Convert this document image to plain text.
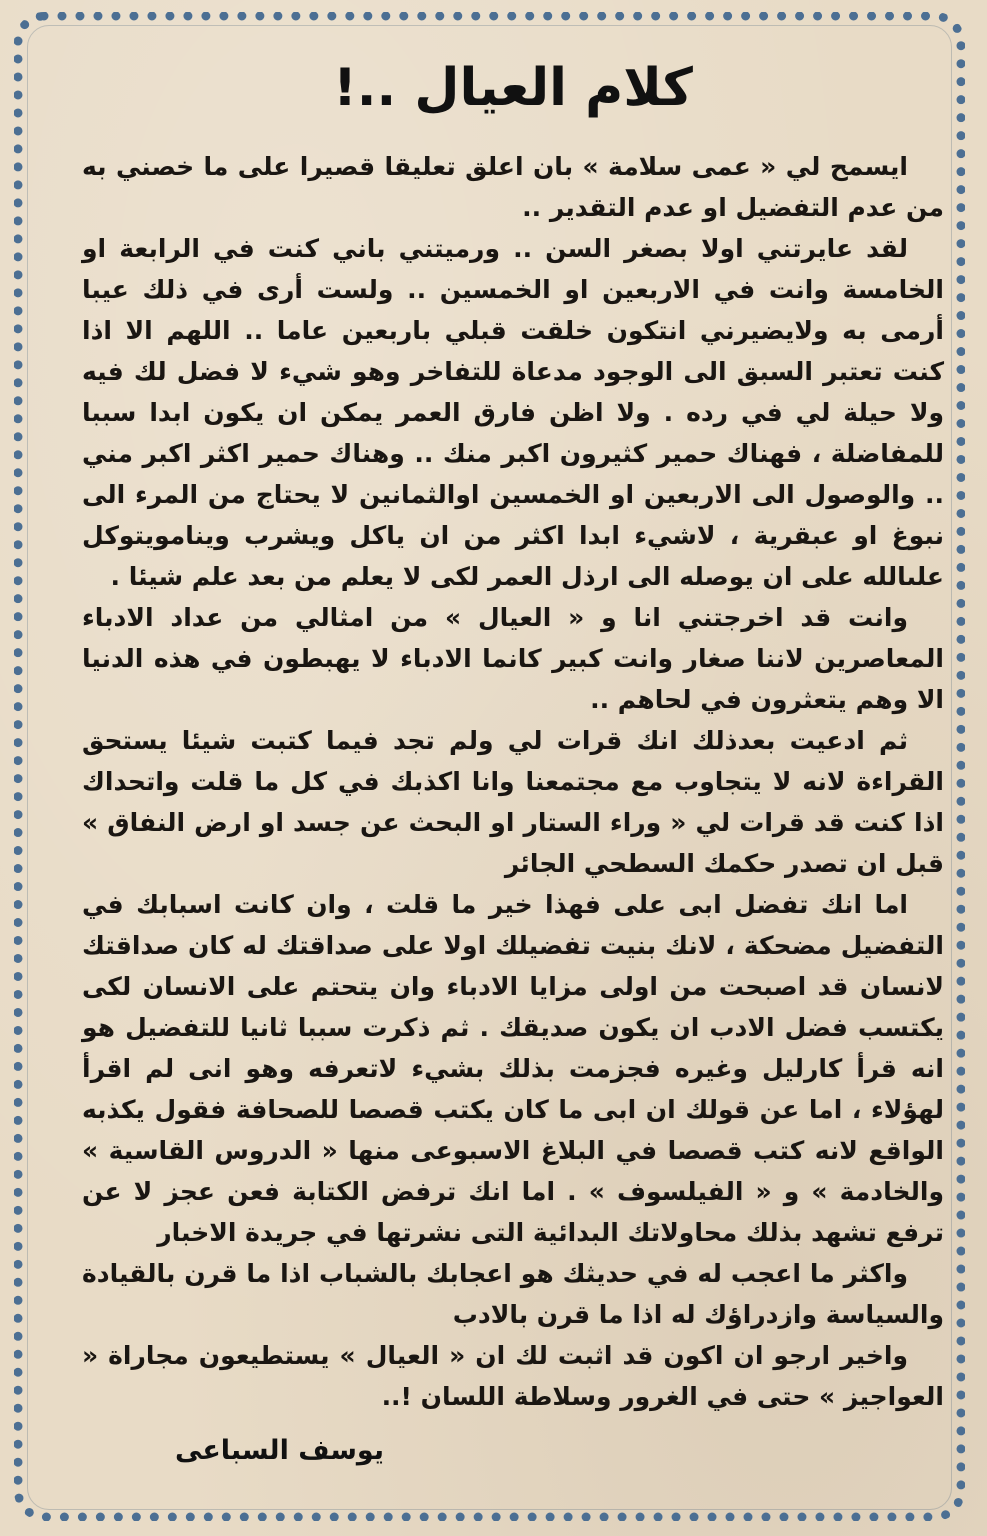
كلام العيال ..!

ايسمح لي « عمى سلامة » بان اعلق تعليقا قصيرا على ما خصني به من عدم التفضيل او عدم التقدير ..

لقد عايرتني اولا بصغر السن .. ورميتني باني كنت في الرابعة او الخامسة وانت في الاربعين او الخمسين .. ولست أرى في ذلك عيبا أرمى به ولايضيرني انتكون خلقت قبلي باربعين عاما .. اللهم الا اذا كنت تعتبر السبق الى الوجود مدعاة للتفاخر وهو شيء لا فضل لك فيه ولا حيلة لي في رده . ولا اظن فارق العمر يمكن ان يكون ابدا سببا للمفاضلة ، فهناك حمير كثيرون اكبر منك .. وهناك حمير اكثر اكبر مني .. والوصول الى الاربعين او الخمسين اوالثمانين لا يحتاج من المرء الى نبوغ او عبقرية ، لاشيء ابدا اكثر من ان ياكل ويشرب وينامويتوكل علىالله على ان يوصله الى ارذل العمر لكى لا يعلم من بعد علم شيئا .

وانت قد اخرجتني انا و « العيال » من امثالي من عداد الادباء المعاصرين لاننا صغار وانت كبير كانما الادباء لا يهبطون في هذه الدنيا الا وهم يتعثرون في لحاهم ..

ثم ادعيت بعدذلك انك قرات لي ولم تجد فيما كتبت شيئا يستحق القراءة لانه لا يتجاوب مع مجتمعنا وانا اكذبك في كل ما قلت واتحداك اذا كنت قد قرات لي « وراء الستار او البحث عن جسد او ارض النفاق » قبل ان تصدر حكمك السطحي الجائر

اما انك تفضل ابى على فهذا خير ما قلت ، وان كانت اسبابك في التفضيل مضحكة ، لانك بنيت تفضيلك اولا على صداقتك له كان صداقتك لانسان قد اصبحت من اولى مزايا الادباء وان يتحتم على الانسان لكى يكتسب فضل الادب ان يكون صديقك . ثم ذكرت سببا ثانيا للتفضيل هو انه قرأ كارليل وغيره فجزمت بذلك بشيء لاتعرفه وهو انى لم اقرأ لهؤلاء ، اما عن قولك ان ابى ما كان يكتب قصصا للصحافة فقول يكذبه الواقع لانه كتب قصصا في البلاغ الاسبوعى منها « الدروس القاسية » والخادمة » و « الفيلسوف » . اما انك ترفض الكتابة فعن عجز لا عن ترفع تشهد بذلك محاولاتك البدائية التى نشرتها في جريدة الاخبار

واكثر ما اعجب له في حديثك هو اعجابك بالشباب اذا ما قرن بالقيادة والسياسة وازدراؤك له اذا ما قرن بالادب

واخير ارجو ان اكون قد اثبت لك ان « العيال » يستطيعون مجاراة « العواجيز » حتى في الغرور وسلاطة اللسان !..

يوسف السباعى
